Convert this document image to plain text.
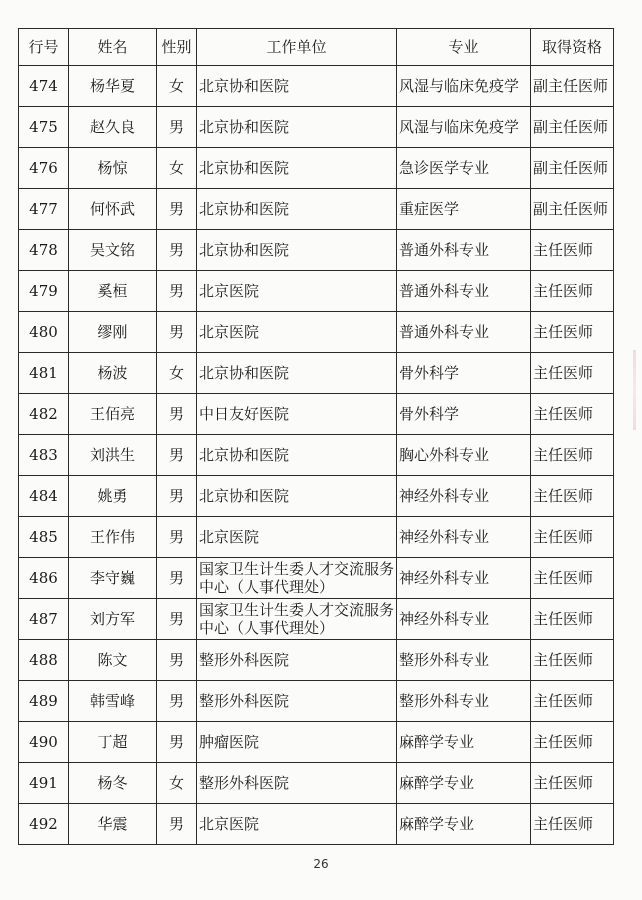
行号	姓名	性别	工作单位	专业	取得资格
474	杨华夏	女	北京协和医院	风湿与临床免疫学	副主任医师
475	赵久良	男	北京协和医院	风湿与临床免疫学	副主任医师
476	杨惊	女	北京协和医院	急诊医学专业	副主任医师
477	何怀武	男	北京协和医院	重症医学	副主任医师
478	吴文铭	男	北京协和医院	普通外科专业	主任医师
479	奚桓	男	北京医院	普通外科专业	主任医师
480	缪刚	男	北京医院	普通外科专业	主任医师
481	杨波	女	北京协和医院	骨外科学	主任医师
482	王佰亮	男	中日友好医院	骨外科学	主任医师
483	刘洪生	男	北京协和医院	胸心外科专业	主任医师
484	姚勇	男	北京协和医院	神经外科专业	主任医师
485	王作伟	男	北京医院	神经外科专业	主任医师
486	李守巍	男	国家卫生计生委人才交流服务中心（人事代理处）	神经外科专业	主任医师
487	刘方军	男	国家卫生计生委人才交流服务中心（人事代理处）	神经外科专业	主任医师
488	陈文	男	整形外科医院	整形外科专业	主任医师
489	韩雪峰	男	整形外科医院	整形外科专业	主任医师
490	丁超	男	肿瘤医院	麻醉学专业	主任医师
491	杨冬	女	整形外科医院	麻醉学专业	主任医师
492	华震	男	北京医院	麻醉学专业	主任医师
26
